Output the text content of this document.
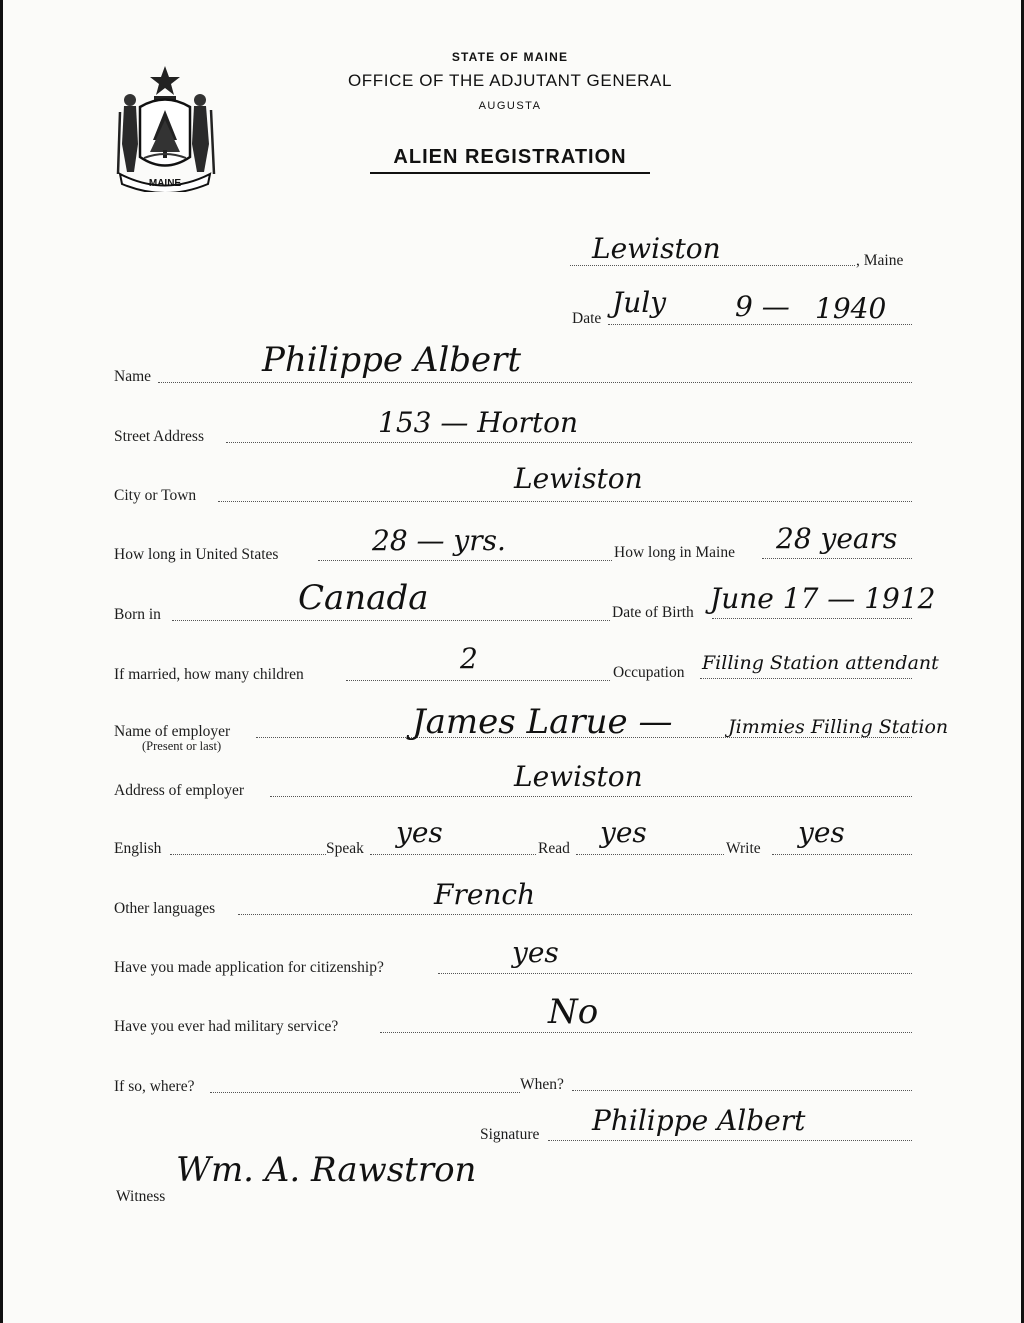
MAINE
STATE OF MAINE
OFFICE OF THE ADJUTANT GENERAL
AUGUSTA
ALIEN REGISTRATION
Lewiston	, Maine
Date July 9 — 1940
Name	Philippe Albert
Street Address	153 — Horton
City or Town
Lewiston
How long in United States	28 — yrs.	How long in Maine 28 years
Born in	Canada	Date of Birth June 17 — 1912
If married, how many children	2	Occupation Filling Station attendant
Name of employer
(Present or last)
James Larue —	Jimmies Filling Station
Address of employer	Lewiston
English	Speak yes	Read yes	Write yes
Other languages	French
Have you made application for citizenship?	yes
Have you ever had military service?	No
If so, where?	When?
Signature Philippe Albert
Witness
Wm. A. Rawstron
